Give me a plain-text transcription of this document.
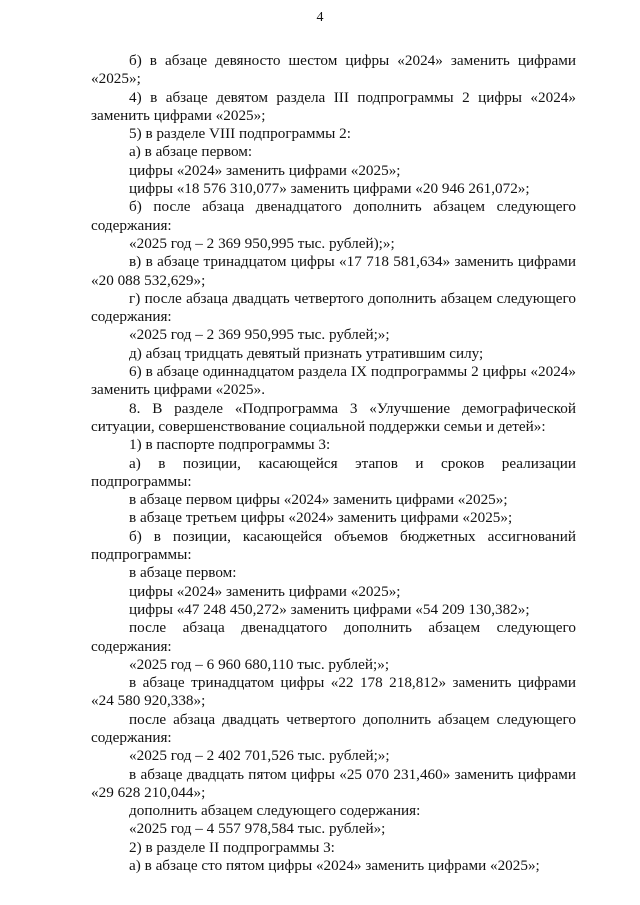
4

б) в абзаце девяносто шестом цифры «2024» заменить цифрами «2025»;

4) в абзаце девятом раздела III подпрограммы 2 цифры «2024» заменить цифрами «2025»;

5) в разделе VIII подпрограммы 2:

а) в абзаце первом:

цифры «2024» заменить цифрами «2025»;

цифры «18 576 310,077» заменить цифрами «20 946 261,072»;

б) после абзаца двенадцатого дополнить абзацем следующего содержания:

«2025 год – 2 369 950,995 тыс. рублей);»;

в) в абзаце тринадцатом цифры «17 718 581,634» заменить цифрами «20 088 532,629»;

г) после абзаца двадцать четвертого дополнить абзацем следующего содержания:

«2025 год – 2 369 950,995 тыс. рублей;»;

д) абзац тридцать девятый признать утратившим силу;

6) в абзаце одиннадцатом раздела IX подпрограммы 2 цифры «2024» заменить цифрами «2025».

8. В разделе «Подпрограмма 3 «Улучшение демографической ситуации, совершенствование социальной поддержки семьи и детей»:

1) в паспорте подпрограммы 3:

а) в позиции, касающейся этапов и сроков реализации подпрограммы:

в абзаце первом цифры «2024» заменить цифрами «2025»;

в абзаце третьем цифры «2024» заменить цифрами «2025»;

б) в позиции, касающейся объемов бюджетных ассигнований подпрограммы:

в абзаце первом:

цифры «2024» заменить цифрами «2025»;

цифры «47 248 450,272» заменить цифрами «54 209 130,382»;

после абзаца двенадцатого дополнить абзацем следующего содержания:

«2025 год – 6 960 680,110 тыс. рублей;»;

в абзаце тринадцатом цифры «22 178 218,812» заменить цифрами «24 580 920,338»;

после абзаца двадцать четвертого дополнить абзацем следующего содержания:

«2025 год – 2 402 701,526 тыс. рублей;»;

в абзаце двадцать пятом цифры «25 070 231,460» заменить цифрами «29 628 210,044»;

дополнить абзацем следующего содержания:

«2025 год – 4 557 978,584 тыс. рублей»;

2) в разделе II подпрограммы 3:

а) в абзаце сто пятом цифры «2024» заменить цифрами «2025»;
